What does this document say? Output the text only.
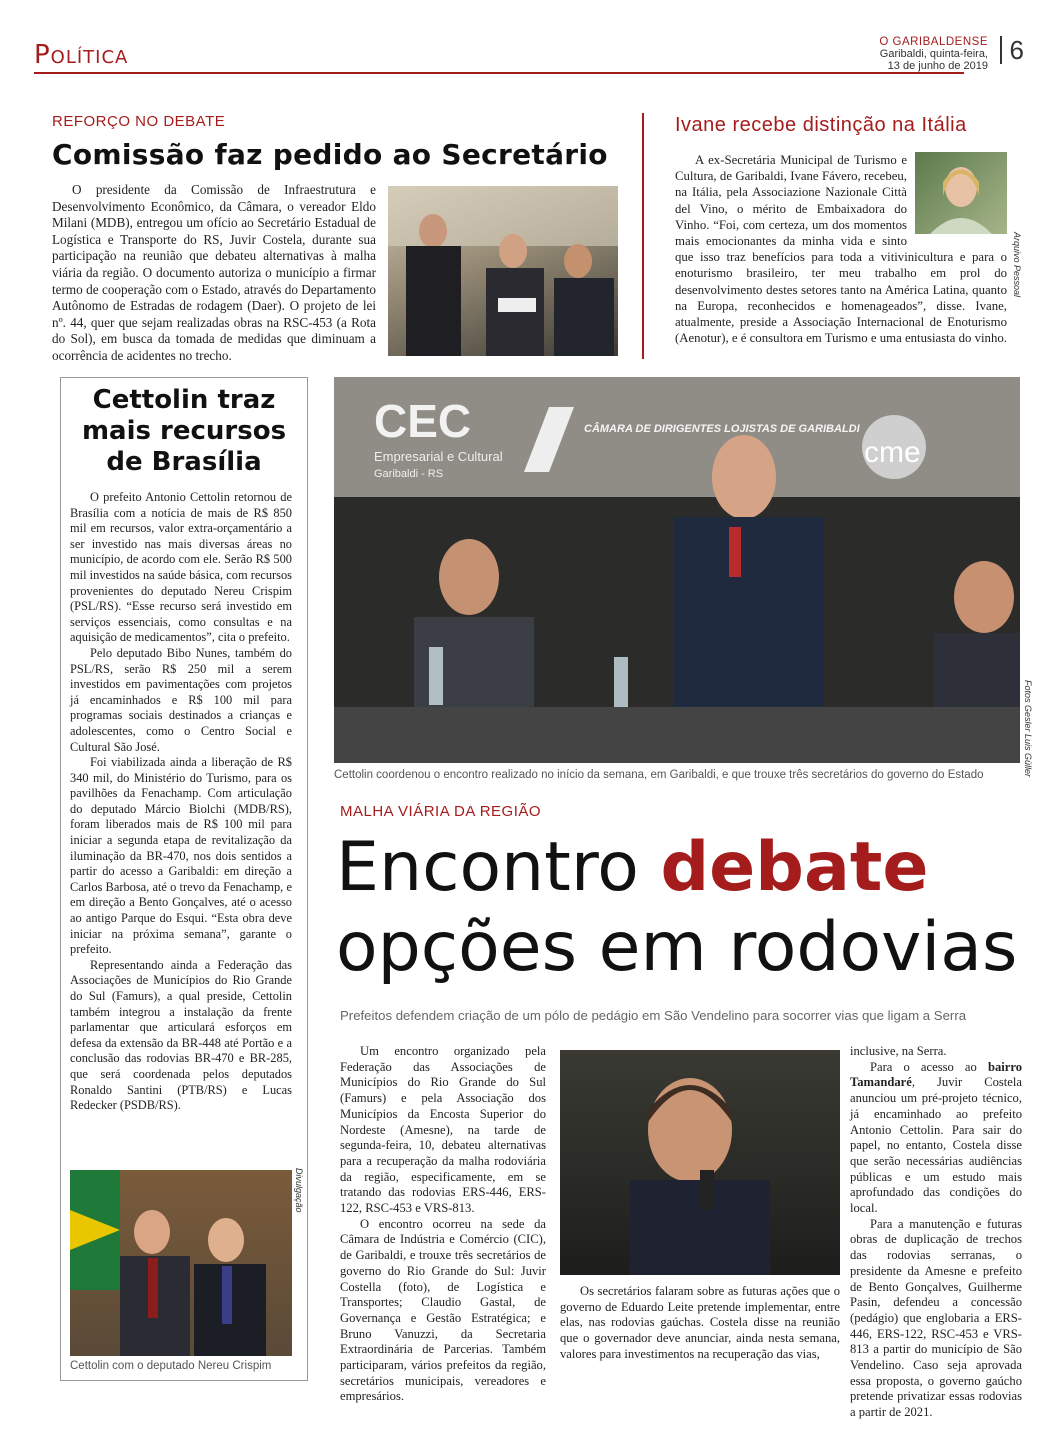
Política	O GARIBALDENSE
Garibaldi, quinta-feira,
13 de junho de 2019
6
REFORÇO NO DEBATE
Comissão faz pedido ao Secretário

O presidente da Comissão de Infraestrutura e Desenvolvimento Econômico, da Câmara, o vereador Eldo Milani (MDB), entregou um ofício ao Secretário Estadual de Logística e Transporte do RS, Juvir Costela, durante sua participação na reunião que debateu alternativas à malha viária da região. O documento autoriza o município a firmar termo de cooperação com o Estado, através do Departamento Autônomo de Estradas de rodagem (Daer). O projeto de lei nº. 44, quer que sejam realizadas obras na RSC-453 (a Rota do Sol), em busca da tomada de medidas que diminuam a ocorrência de acidentes no trecho.

Ivane recebe distinção na Itália

A ex-Secretária Municipal de Turismo e Cultura, de Garibaldi, Ivane Fávero, recebeu, na Itália, pela Associazione Nazionale Città del Vino, o mérito de Embaixadora do Vinho. “Foi, com certeza, um dos momentos mais emocionantes da minha vida e sinto que isso traz benefícios para toda a vitivinicultura e para o enoturismo brasileiro, ter meu trabalho em prol do desenvolvimento destes setores tanto na América Latina, quanto na Europa, reconhecidos e homenageados”, disse. Ivane, atualmente, preside a Associação Internacional de Enoturismo (Aenotur), e é consultora em Turismo e uma entusiasta do vinho.

Arquivo Pessoal
Cettolin traz mais recursos de Brasília

O prefeito Antonio Cettolin retornou de Brasília com a notícia de mais de R$ 850 mil em recursos, valor extra-orçamentário a ser investido nas mais diversas áreas no município, de acordo com ele. Serão R$ 500 mil investidos na saúde básica, com recursos provenientes do deputado Nereu Crispim (PSL/RS). “Esse recurso será investido em serviços essenciais, como consultas e na aquisição de medicamentos”, cita o prefeito.

Pelo deputado Bibo Nunes, também do PSL/RS, serão R$ 250 mil a serem investidos em pavimentações com projetos já encaminhados e R$ 100 mil para programas sociais destinados a crianças e adolescentes, como o Centro Social e Cultural São José.

Foi viabilizada ainda a liberação de R$ 340 mil, do Ministério do Turismo, para os pavilhões da Fenachamp. Com articulação do deputado Márcio Biolchi (MDB/RS), foram liberados mais de R$ 100 mil para iniciar a segunda etapa de revitalização da iluminação da BR-470, nos dois sentidos a partir do acesso a Garibaldi: em direção a Carlos Barbosa, até o trevo da Fenachamp, e em direção a Bento Gonçalves, até o acesso ao antigo Parque do Esqui. “Esta obra deve iniciar na próxima semana”, garante o prefeito.

Representando ainda a Federação das Associações de Municípios do Rio Grande do Sul (Famurs), a qual preside, Cettolin também integrou a instalação da frente parlamentar que articulará esforços em defesa da extensão da BR-448 até Portão e a conclusão das rodovias BR-470 e BR-285, que será coordenada pelos deputados Ronaldo Santini (PTB/RS) e Lucas Redecker (PSDB/RS).

Divulgação
Cettolin com o deputado Nereu Crispim
CEC
Empresarial e Cultural
Garibaldi - RS
CÂMARA DE DIRIGENTES LOJISTAS DE GARIBALDI
cme
Fotos Gesler Luis Güller
Cettolin coordenou o encontro realizado no início da semana, em Garibaldi, e que trouxe três secretários do governo do Estado
MALHA VIÁRIA DA REGIÃO
Encontro debate
opções em rodovias
Prefeitos defendem criação de um pólo de pedágio em São Vendelino para socorrer vias que ligam a Serra

Um encontro organizado pela Federação das Associações de Municípios do Rio Grande do Sul (Famurs) e pela Associação dos Municípios da Encosta Superior do Nordeste (Amesne), na tarde de segunda-feira, 10, debateu alternativas para a recuperação da malha rodoviária da região, especificamente, em se tratando das rodovias ERS-446, ERS-122, RSC-453 e VRS-813.

O encontro ocorreu na sede da Câmara de Indústria e Comércio (CIC), de Garibaldi, e trouxe três secretários de governo do Rio Grande do Sul: Juvir Costella (foto), de Logística e Transportes; Claudio Gastal, de Governança e Gestão Estratégica; e Bruno Vanuzzi, da Secretaria Extraordinária de Parcerias. Também participaram, vários prefeitos da região, secretários municipais, vereadores e empresários.

Os secretários falaram sobre as futuras ações que o governo de Eduardo Leite pretende implementar, entre elas, nas rodovias gaúchas. Costela disse na reunião que o governador deve anunciar, ainda nesta semana, valores para investimentos na recuperação das vias,

inclusive, na Serra.

Para o acesso ao bairro Tamandaré, Juvir Costela anunciou um pré-projeto técnico, já encaminhado ao prefeito Antonio Cettolin. Para sair do papel, no entanto, Costela disse que serão necessárias audiências públicas e um estudo mais aprofundado das condições do local.

Para a manutenção e futuras obras de duplicação de trechos das rodovias serranas, o presidente da Amesne e prefeito de Bento Gonçalves, Guilherme Pasin, defendeu a concessão (pedágio) que englobaria a ERS-446, ERS-122, RSC-453 e VRS-813 a partir do município de São Vendelino. Caso seja aprovada essa proposta, o governo gaúcho pretende privatizar essas rodovias a partir de 2021.
